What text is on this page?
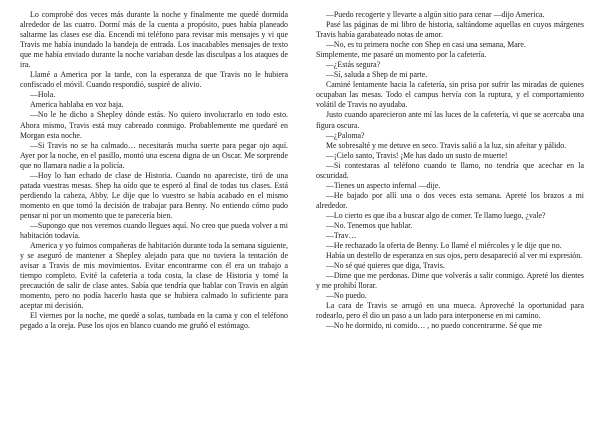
Lo comprobé dos veces más durante la noche y finalmente me quedé dormida alrededor de las cuatro. Dormí más de la cuenta a propósito, pues había planeado saltarme las clases ese día. Encendí mi teléfono para revisar mis mensajes y vi que Travis me había inundado la bandeja de entrada. Los inacabables mensajes de texto que me había enviado durante la noche variaban desde las disculpas a los ataques de ira.

Llamé a America por la tarde, con la esperanza de que Travis no le hubiera confiscado el móvil. Cuando respondió, suspiré de alivio.

—Hola.

America hablaba en voz baja.

—No le he dicho a Shepley dónde estás. No quiero involucrarlo en todo esto. Ahora mismo, Travis está muy cabreado conmigo. Probablemente me quedaré en Morgan esta noche.

—Si Travis no se ha calmado… necesitarás mucha suerte para pegar ojo aquí. Ayer por la noche, en el pasillo, montó una escena digna de un Oscar. Me sorprende que no llamara nadie a la policía.

—Hoy lo han echado de clase de Historia. Cuando no apareciste, tiró de una patada vuestras mesas. Shep ha oído que te esperó al final de todas tus clases. Está perdiendo la cabeza, Abby. Le dije que lo vuestro se había acabado en el mismo momento en que tomó la decisión de trabajar para Benny. No entiendo cómo pudo pensar ni por un momento que te parecería bien.

—Supongo que nos veremos cuando llegues aquí. No creo que pueda volver a mi habitación todavía.

America y yo fuimos compañeras de habitación durante toda la semana siguiente, y se aseguró de mantener a Shepley alejado para que no tuviera la tentación de avisar a Travis de mis movimientos. Evitar encontrarme con él era un trabajo a tiempo completo. Evité la cafetería a toda costa, la clase de Historia y tomé la precaución de salir de clase antes. Sabía que tendría que hablar con Travis en algún momento, pero no podía hacerlo hasta que se hubiera calmado lo suficiente para aceptar mi decisión.

El viernes por la noche, me quedé a solas, tumbada en la cama y con el teléfono pegado a la oreja. Puse los ojos en blanco cuando me gruñó el estómago.

—Puedo recogerte y llevarte a algún sitio para cenar —dijo America.

Pasé las páginas de mi libro de historia, saltándome aquellas en cuyos márgenes Travis había garabateado notas de amor.

—No, es tu primera noche con Shep en casi una semana, Mare.

Simplemente, me pasaré un momento por la cafetería.

—¿Estás segura?

—Sí, saluda a Shep de mi parte.

Caminé lentamente hacia la cafetería, sin prisa por sufrir las miradas de quienes ocupaban las mesas. Todo el campus hervía con la ruptura, y el comportamiento volátil de Travis no ayudaba.

Justo cuando aparecieron ante mí las luces de la cafetería, vi que se acercaba una figura oscura.

—¿Paloma?

Me sobresalté y me detuve en seco. Travis salió a la luz, sin afeitar y pálido.

—¡Cielo santo, Travis! ¡Me has dado un susto de muerte!

—Si contestaras al teléfono cuando te llamo, no tendría que acechar en la oscuridad.

—Tienes un aspecto infernal —dije.

—He bajado por allí una o dos veces esta semana. Apreté los brazos a mi alrededor.

—Lo cierto es que iba a buscar algo de comer. Te llamo luego, ¿vale?

—No. Tenemos que hablar.

—Trav…

—He rechazado la oferta de Benny. Lo llamé el miércoles y le dije que no.

Había un destello de esperanza en sus ojos, pero desapareció al ver mi expresión.

—No sé qué quieres que diga, Travis.

—Dime que me perdonas. Dime que volverás a salir conmigo. Apreté los dientes y me prohibí llorar.

—No puedo.

La cara de Travis se arrugó en una mueca. Aproveché la oportunidad para rodearlo, pero él dio un paso a un lado para interponerse en mi camino.

—No he dormido, ni comido… , no puedo concentrarme. Sé que me
